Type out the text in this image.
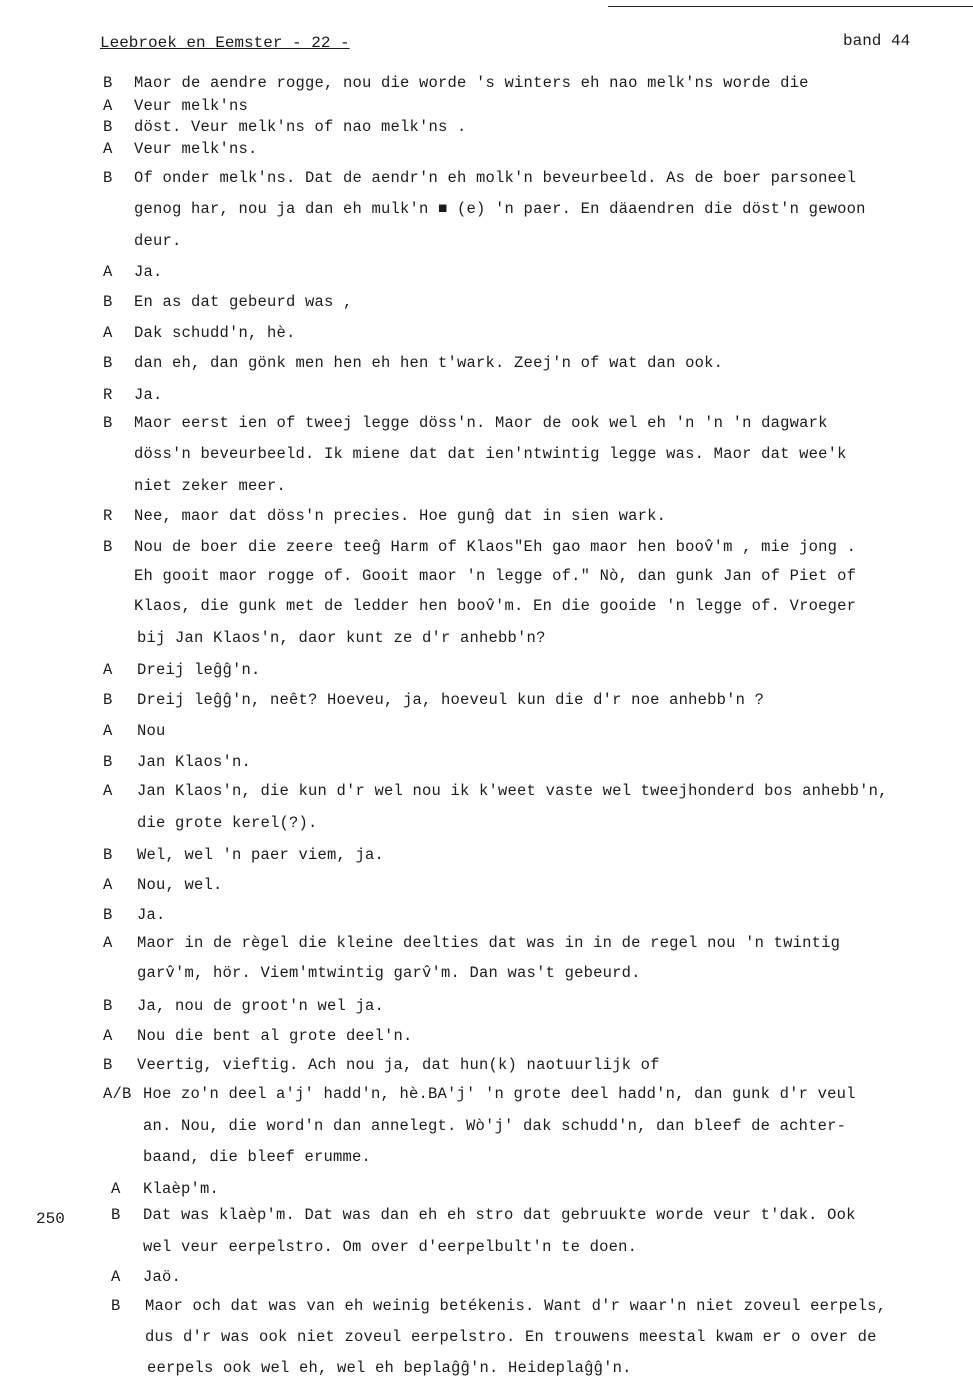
Leebroek en Eemster - 22 -	band 44
250
B Maor de aendre rogge, nou die worde 's winters eh nao melk'ns worde die
A Veur melk'ns
B döst. Veur melk'ns of nao melk'ns .
A Veur melk'ns.
B Of onder melk'ns. Dat de aendr'n eh molk'n beveurbeeld. As de boer parsoneel
genog har, nou ja dan eh mulk'n ■ (e) 'n paer. En däaendren die döst'n gewoon
deur.
A Ja.
B En as dat gebeurd was ,
A Dak schudd'n, hè.
B dan eh, dan gönk men hen eh hen t'wark. Zeej'n of wat dan ook.
R Ja.
B Maor eerst ien of tweej legge döss'n. Maor de ook wel eh 'n 'n 'n dagwark
döss'n beveurbeeld. Ik miene dat dat ien'ntwintig legge was. Maor dat wee'k
niet zeker meer.
R Nee, maor dat döss'n precies. Hoe gunĝ dat in sien wark.
B Nou de boer die zeere teeĝ Harm of Klaos"Eh gao maor hen boov̂'m , mie jong .
Eh gooit maor rogge of. Gooit maor 'n legge of." Nò, dan gunk Jan of Piet of
Klaos, die gunk met de ledder hen boov̂'m. En die gooide 'n legge of. Vroeger
bij Jan Klaos'n, daor kunt ze d'r anhebb'n?
A Dreij leĝĝ'n.
B Dreij leĝĝ'n, neêt? Hoeveu, ja, hoeveul kun die d'r noe anhebb'n ?
A Nou
B Jan Klaos'n.
A Jan Klaos'n, die kun d'r wel nou ik k'weet vaste wel tweejhonderd bos anhebb'n,
die grote kerel(?).
B Wel, wel 'n paer viem, ja.
A Nou, wel.
B Ja.
A Maor in de règel die kleine deelties dat was in in de regel nou 'n twintig
garv̂'m, hör. Viem'mtwintig garv̂'m. Dan was't gebeurd.
B Ja, nou de groot'n wel ja.
A Nou die bent al grote deel'n.
B Veertig, vieftig. Ach nou ja, dat hun(k) naotuurlijk of
A/B Hoe zo'n deel a'j' hadd'n, hè.BA'j' 'n grote deel hadd'n, dan gunk d'r veul
an. Nou, die word'n dan annelegt. Wò'j' dak schudd'n, dan bleef de achter-
baand, die bleef erumme.
A Klaèp'm.
B Dat was klaèp'm. Dat was dan eh eh stro dat gebruukte worde veur t'dak. Ook
wel veur eerpelstro. Om over d'eerpelbult'n te doen.
A Jaö.
B Maor och dat was van eh weinig betékenis. Want d'r waar'n niet zoveul eerpels,
dus d'r was ook niet zoveul eerpelstro. En trouwens meestal kwam er o over de
eerpels ook wel eh, wel eh beplaĝĝ'n. Heideplaĝĝ'n.
